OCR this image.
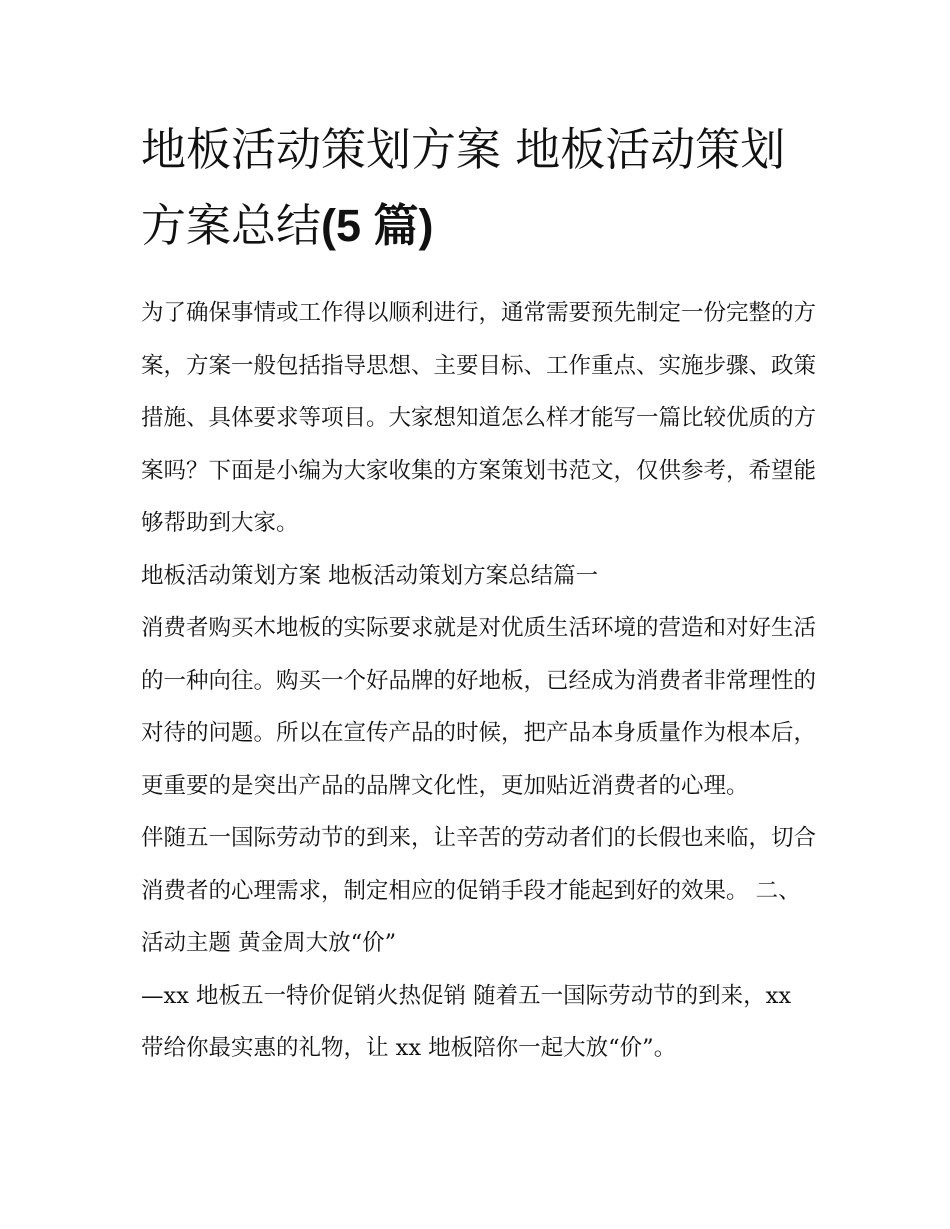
地板活动策划方案 地板活动策划方案总结(5 篇)

为了确保事情或工作得以顺利进行，通常需要预先制定一份完整的方案，方案一般包括指导思想、主要目标、工作重点、实施步骤、政策措施、具体要求等项目。大家想知道怎么样才能写一篇比较优质的方案吗？下面是小编为大家收集的方案策划书范文，仅供参考，希望能够帮助到大家。

地板活动策划方案 地板活动策划方案总结篇一

消费者购买木地板的实际要求就是对优质生活环境的营造和对好生活的一种向往。购买一个好品牌的好地板，已经成为消费者非常理性的对待的问题。所以在宣传产品的时候，把产品本身质量作为根本后，更重要的是突出产品的品牌文化性，更加贴近消费者的心理。

伴随五一国际劳动节的到来，让辛苦的劳动者们的长假也来临，切合消费者的心理需求，制定相应的促销手段才能起到好的效果。 二、活动主题 黄金周大放“价”

—xx 地板五一特价促销火热促销 随着五一国际劳动节的到来，xx 带给你最实惠的礼物，让 xx 地板陪你一起大放“价”。
